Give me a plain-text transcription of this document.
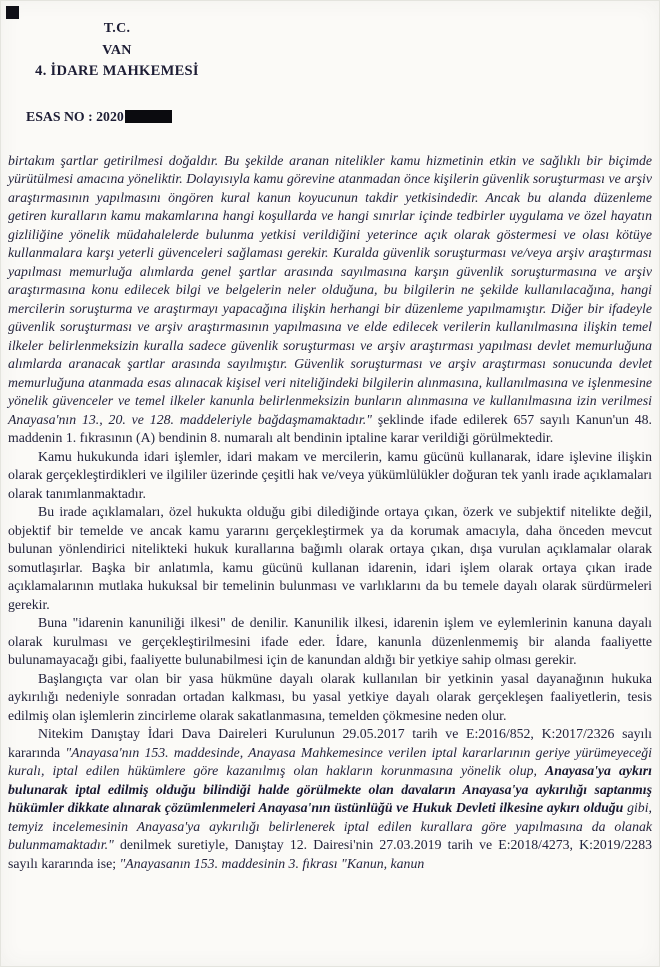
T.C.
VAN
4. İDARE MAHKEMESİ
ESAS NO : 2020

birtakım şartlar getirilmesi doğaldır. Bu şekilde aranan nitelikler kamu hizmetinin etkin ve sağlıklı bir biçimde yürütülmesi amacına yöneliktir. Dolayısıyla kamu görevine atanmadan önce kişilerin güvenlik soruşturması ve arşiv araştırmasının yapılmasını öngören kural kanun koyucunun takdir yetkisindedir. Ancak bu alanda düzenleme getiren kuralların kamu makamlarına hangi koşullarda ve hangi sınırlar içinde tedbirler uygulama ve özel hayatın gizliliğine yönelik müdahalelerde bulunma yetkisi verildiğini yeterince açık olarak göstermesi ve olası kötüye kullanmalara karşı yeterli güvenceleri sağlaması gerekir. Kuralda güvenlik soruşturması ve/veya arşiv araştırması yapılması memurluğa alımlarda genel şartlar arasında sayılmasına karşın güvenlik soruşturmasına ve arşiv araştırmasına konu edilecek bilgi ve belgelerin neler olduğuna, bu bilgilerin ne şekilde kullanılacağına, hangi mercilerin soruşturma ve araştırmayı yapacağına ilişkin herhangi bir düzenleme yapılmamıştır. Diğer bir ifadeyle güvenlik soruşturması ve arşiv araştırmasının yapılmasına ve elde edilecek verilerin kullanılmasına ilişkin temel ilkeler belirlenmeksizin kuralla sadece güvenlik soruşturması ve arşiv araştırması yapılması devlet memurluğuna alımlarda aranacak şartlar arasında sayılmıştır. Güvenlik soruşturması ve arşiv araştırması sonucunda devlet memurluğuna atanmada esas alınacak kişisel veri niteliğindeki bilgilerin alınmasına, kullanılmasına ve işlenmesine yönelik güvenceler ve temel ilkeler kanunla belirlenmeksizin bunların alınmasına ve kullanılmasına izin verilmesi Anayasa'nın 13., 20. ve 128. maddeleriyle bağdaşmamaktadır." şeklinde ifade edilerek 657 sayılı Kanun'un 48. maddenin 1. fıkrasının (A) bendinin 8. numaralı alt bendinin iptaline karar verildiği görülmektedir.

Kamu hukukunda idari işlemler, idari makam ve mercilerin, kamu gücünü kullanarak, idare işlevine ilişkin olarak gerçekleştirdikleri ve ilgililer üzerinde çeşitli hak ve/veya yükümlülükler doğuran tek yanlı irade açıklamaları olarak tanımlanmaktadır.

Bu irade açıklamaları, özel hukukta olduğu gibi dilediğinde ortaya çıkan, özerk ve subjektif nitelikte değil, objektif bir temelde ve ancak kamu yararını gerçekleştirmek ya da korumak amacıyla, daha önceden mevcut bulunan yönlendirici nitelikteki hukuk kurallarına bağımlı olarak ortaya çıkan, dışa vurulan açıklamalar olarak somutlaşırlar. Başka bir anlatımla, kamu gücünü kullanan idarenin, idari işlem olarak ortaya çıkan irade açıklamalarının mutlaka hukuksal bir temelinin bulunması ve varlıklarını da bu temele dayalı olarak sürdürmeleri gerekir.

Buna "idarenin kanuniliği ilkesi" de denilir. Kanunilik ilkesi, idarenin işlem ve eylemlerinin kanuna dayalı olarak kurulması ve gerçekleştirilmesini ifade eder. İdare, kanunla düzenlenmemiş bir alanda faaliyette bulunamayacağı gibi, faaliyette bulunabilmesi için de kanundan aldığı bir yetkiye sahip olması gerekir.

Başlangıçta var olan bir yasa hükmüne dayalı olarak kullanılan bir yetkinin yasal dayanağının hukuka aykırılığı nedeniyle sonradan ortadan kalkması, bu yasal yetkiye dayalı olarak gerçekleşen faaliyetlerin, tesis edilmiş olan işlemlerin zincirleme olarak sakatlanmasına, temelden çökmesine neden olur.

Nitekim Danıştay İdari Dava Daireleri Kurulunun 29.05.2017 tarih ve E:2016/852, K:2017/2326 sayılı kararında "Anayasa'nın 153. maddesinde, Anayasa Mahkemesince verilen iptal kararlarının geriye yürümeyeceği kuralı, iptal edilen hükümlere göre kazanılmış olan hakların korunmasına yönelik olup, Anayasa'ya aykırı bulunarak iptal edilmiş olduğu bilindiği halde görülmekte olan davaların Anayasa'ya aykırılığı saptanmış hükümler dikkate alınarak çözümlenmeleri Anayasa'nın üstünlüğü ve Hukuk Devleti ilkesine aykırı olduğu gibi, temyiz incelemesinin Anayasa'ya aykırılığı belirlenerek iptal edilen kurallara göre yapılmasına da olanak bulunmamaktadır." denilmek suretiyle, Danıştay 12. Dairesi'nin 27.03.2019 tarih ve E:2018/4273, K:2019/2283 sayılı kararında ise; "Anayasanın 153. maddesinin 3. fıkrası "Kanun, kanun
